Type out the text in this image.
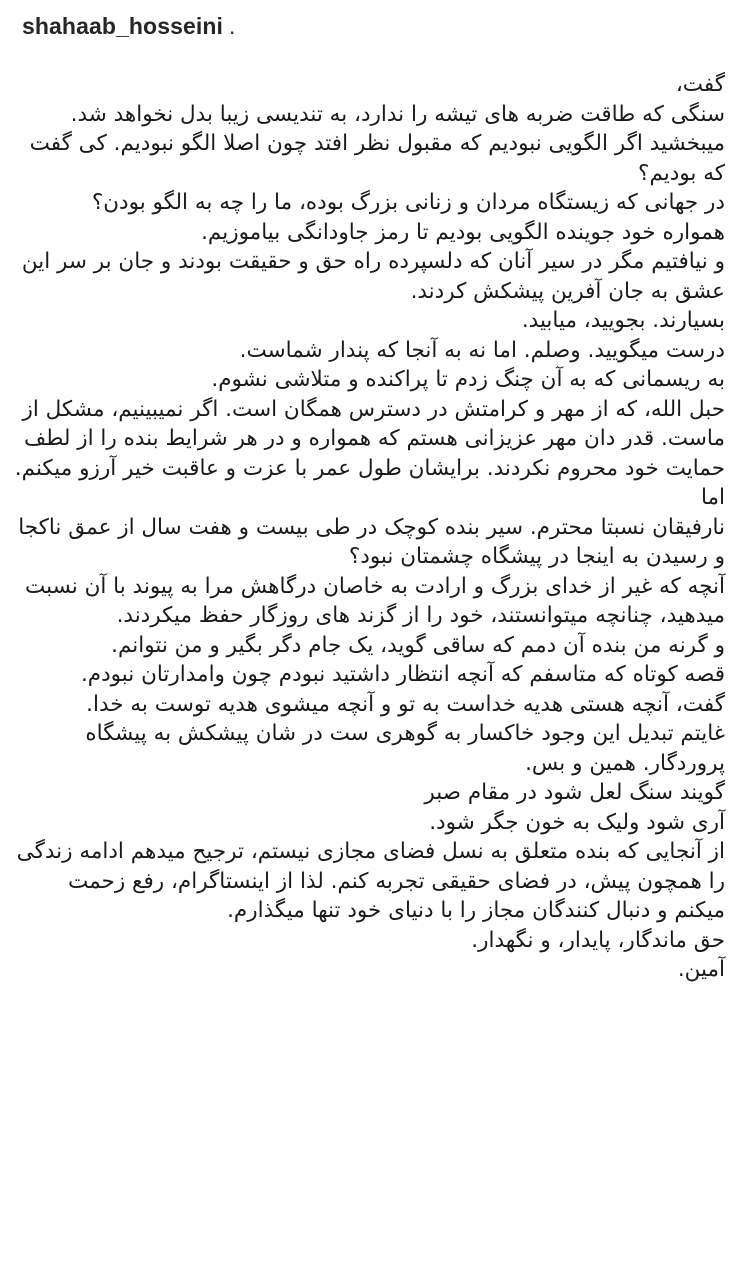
shahaab_hosseini .

گفت،

سنگی که طاقت ضربه های تیشه را ندارد، به تندیسی زیبا بدل نخواهد شد.

میبخشید اگر الگویی نبودیم که مقبول نظر افتد چون اصلا الگو نبودیم. کی گفت که بودیم؟

در جهانی که زیستگاه مردان و زنانی بزرگ بوده، ما را چه به الگو بودن؟

همواره خود جوینده الگویی بودیم تا رمز جاودانگی بیاموزیم.

و نیافتیم مگر در سیر آنان که دلسپرده راه حق و حقیقت بودند و جان بر سر این عشق به جان آفرین پیشکش کردند.

بسیارند. بجویید، میابید.

درست میگویید. وصلم. اما نه به آنجا که پندار شماست.

به ریسمانی که به آن چنگ زدم تا پراکنده و متلاشی نشوم.

حبل الله، که از مهر و کرامتش در دسترس همگان است. اگر نمیبینیم، مشکل از ماست. قدر دان مهر عزیزانی هستم که همواره و در هر شرایط بنده را از لطف حمایت خود محروم نکردند. برایشان طول عمر با عزت و عاقبت خیر آرزو میکنم.

اما

نارفیقان نسبتا محترم. سیر بنده کوچک در طی بیست و هفت سال از عمق ناکجا و رسیدن به اینجا در پیشگاه چشمتان نبود؟

آنچه که غیر از خدای بزرگ و ارادت به خاصان درگاهش مرا به پیوند با آن نسبت میدهید، چنانچه میتوانستند، خود را از گزند های روزگار حفظ میکردند.

و گرنه من بنده آن دمم که ساقی گوید، یک جام دگر بگیر و من نتوانم.

قصه کوتاه که متاسفم که آنچه انتظار داشتید نبودم چون وامدارتان نبودم.

گفت، آنچه هستی هدیه خداست به تو و آنچه میشوی هدیه توست به خدا.

غایتم تبدیل این وجود خاکسار به گوهری ست در شان پیشکش به پیشگاه پروردگار. همین و بس.

گویند سنگ لعل شود در مقام صبر

آری شود ولیک به خون جگر شود.

از آنجایی که بنده متعلق به نسل فضای مجازی نیستم، ترجیح میدهم ادامه زندگی را همچون پیش، در فضای حقیقی تجربه کنم. لذا از اینستاگرام، رفع زحمت میکنم و دنبال کنندگان مجاز را با دنیای خود تنها میگذارم.

حق ماندگار، پایدار، و نگهدار.

آمین.
